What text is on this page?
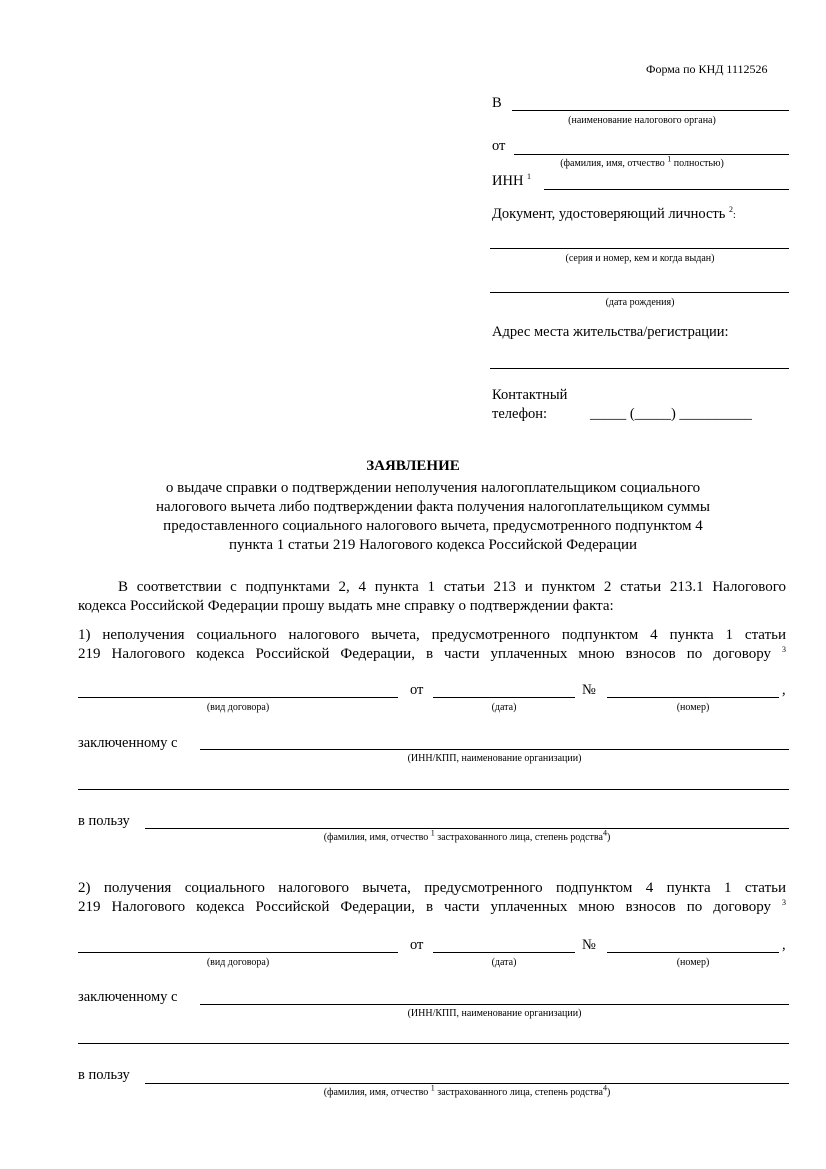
Форма по КНД 1112526
В
(наименование налогового органа)
от
(фамилия, имя, отчество $^1$ полностью)
ИНН $^1$
Документ, удостоверяющий личность $^2$:
(серия и номер, кем и когда выдан)
(дата рождения)
Адрес места жительства/регистрации:
Контактный
телефон:	_____ (_____) __________
ЗАЯВЛЕНИЕ
о выдаче справки о подтверждении неполучения налогоплательщиком социального
налогового вычета либо подтверждении факта получения налогоплательщиком суммы
предоставленного социального налогового вычета, предусмотренного подпунктом 4
пункта 1 статьи 219 Налогового кодекса Российской Федерации
В соответствии с подпунктами 2, 4 пункта 1 статьи 213 и пунктом 2 статьи 213.1 Налогового
кодекса Российской Федерации прошу выдать мне справку о подтверждении факта:
1) неполучения социального налогового вычета, предусмотренного подпунктом 4 пункта 1 статьи
219 Налогового кодекса Российской Федерации, в части уплаченных мною взносов по договору $^3$
от	№	,
(вид договора)	(дата)	(номер)
заключенному с
(ИНН/КПП, наименование организации)
в пользу
(фамилия, имя, отчество $^1$ застрахованного лица, степень родства$^4$)
2) получения социального налогового вычета, предусмотренного подпунктом 4 пункта 1 статьи
219 Налогового кодекса Российской Федерации, в части уплаченных мною взносов по договору $^3$
от	№	,
(вид договора)	(дата)	(номер)
заключенному с
(ИНН/КПП, наименование организации)
в пользу
(фамилия, имя, отчество $^1$ застрахованного лица, степень родства$^4$)
